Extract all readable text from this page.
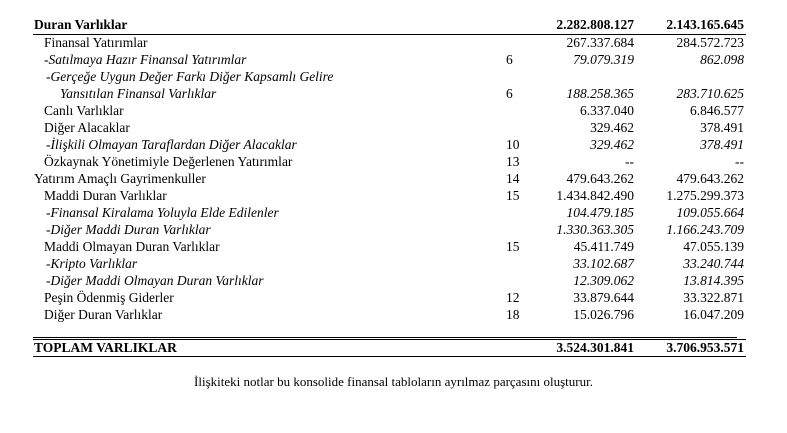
Duran Varlıklar	2.282.808.127 2.143.165.645
Finansal Yatırımlar	267.337.684	284.572.723
-Satılmaya Hazır Finansal Yatırımlar	6	79.079.319	862.098
-Gerçeğe Uygun Değer Farkı Diğer Kapsamlı Gelire
Yansıtılan Finansal Varlıklar	6	188.258.365	283.710.625
Canlı Varlıklar	6.337.040	6.846.577
Diğer Alacaklar	329.462	378.491
-İlişkili Olmayan Taraflardan Diğer Alacaklar	10	329.462	378.491
Özkaynak Yönetimiyle Değerlenen Yatırımlar	13	--	--
Yatırım Amaçlı Gayrimenkuller	14	479.643.262	479.643.262
Maddi Duran Varlıklar	15	1.434.842.490 1.275.299.373
-Finansal Kiralama Yoluyla Elde Edilenler	104.479.185	109.055.664
-Diğer Maddi Duran Varlıklar	1.330.363.305 1.166.243.709
Maddi Olmayan Duran Varlıklar	15	45.411.749	47.055.139
-Kripto Varlıklar	33.102.687	33.240.744
-Diğer Maddi Olmayan Duran Varlıklar	12.309.062	13.814.395
Peşin Ödenmiş Giderler	12	33.879.644	33.322.871
Diğer Duran Varlıklar	18	15.026.796	16.047.209
TOPLAM VARLIKLAR	3.524.301.841 3.706.953.571
İlişkiteki notlar bu konsolide finansal tabloların ayrılmaz parçasını oluşturur.
